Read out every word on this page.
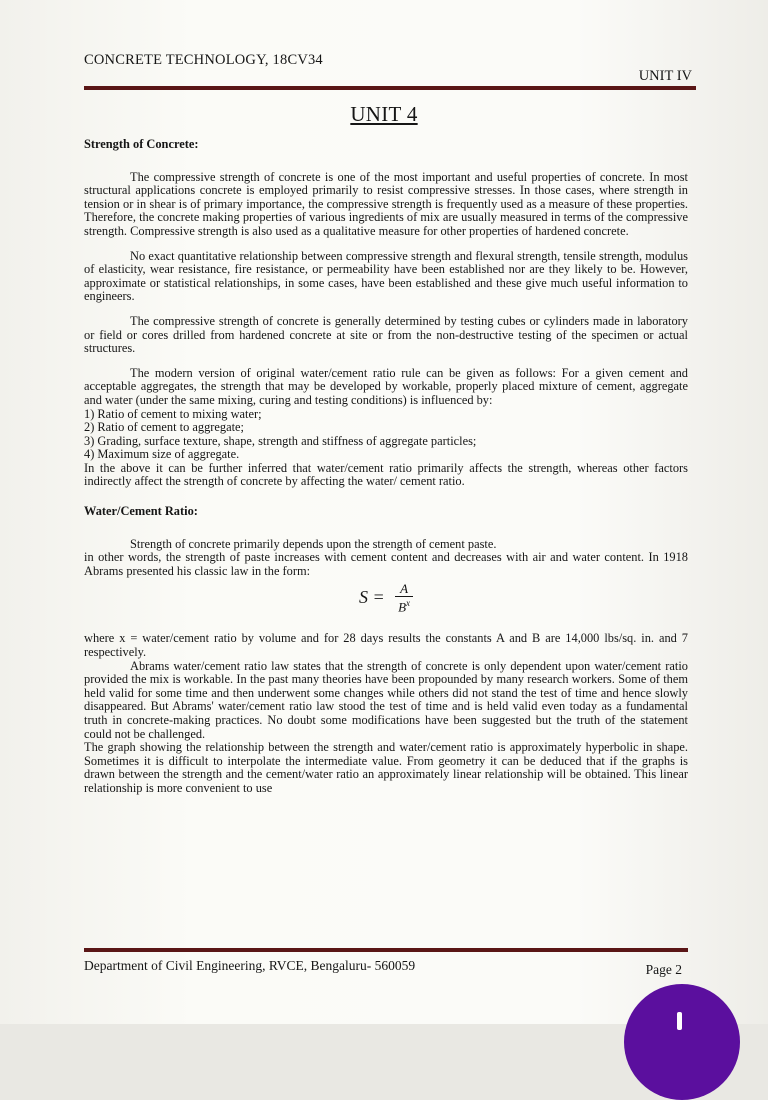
CONCRETE TECHNOLOGY, 18CV34
UNIT IV
UNIT 4
Strength of Concrete:

The compressive strength of concrete is one of the most important and useful properties of concrete. In most structural applications concrete is employed primarily to resist compressive stresses. In those cases, where strength in tension or in shear is of primary importance, the compressive strength is frequently used as a measure of these properties. Therefore, the concrete making properties of various ingredients of mix are usually measured in terms of the compressive strength. Compressive strength is also used as a qualitative measure for other properties of hardened concrete.

No exact quantitative relationship between compressive strength and flexural strength, tensile strength, modulus of elasticity, wear resistance, fire resistance, or permeability have been established nor are they likely to be. However, approximate or statistical relationships, in some cases, have been established and these give much useful information to engineers.

The compressive strength of concrete is generally determined by testing cubes or cylinders made in laboratory or field or cores drilled from hardened concrete at site or from the non-destructive testing of the specimen or actual structures.

The modern version of original water/cement ratio rule can be given as follows: For a given cement and acceptable aggregates, the strength that may be developed by workable, properly placed mixture of cement, aggregate and water (under the same mixing, curing and testing conditions) is influenced by:

1) Ratio of cement to mixing water;
2) Ratio of cement to aggregate;
3) Grading, surface texture, shape, strength and stiffness of aggregate particles;
4) Maximum size of aggregate.

In the above it can be further inferred that water/cement ratio primarily affects the strength, whereas other factors indirectly affect the strength of concrete by affecting the water/ cement ratio.

Water/Cement Ratio:

Strength of concrete primarily depends upon the strength of cement paste.

in other words, the strength of paste increases with cement content and decreases with air and water content. In 1918 Abrams presented his classic law in the form:

$S = \frac{A}{B^x}$

where x = water/cement ratio by volume and for 28 days results the constants A and B are 14,000 lbs/sq. in. and 7 respectively.

Abrams water/cement ratio law states that the strength of concrete is only dependent upon water/cement ratio provided the mix is workable. In the past many theories have been propounded by many research workers. Some of them held valid for some time and then underwent some changes while others did not stand the test of time and hence slowly disappeared. But Abrams' water/cement ratio law stood the test of time and is held valid even today as a fundamental truth in concrete-making practices. No doubt some modifications have been suggested but the truth of the statement could not be challenged.

The graph showing the relationship between the strength and water/cement ratio is approximately hyperbolic in shape. Sometimes it is difficult to interpolate the intermediate value. From geometry it can be deduced that if the graphs is drawn between the strength and the cement/water ratio an approximately linear relationship will be obtained. This linear relationship is more convenient to use

Department of Civil Engineering, RVCE, Bengaluru- 560059	Page 2
